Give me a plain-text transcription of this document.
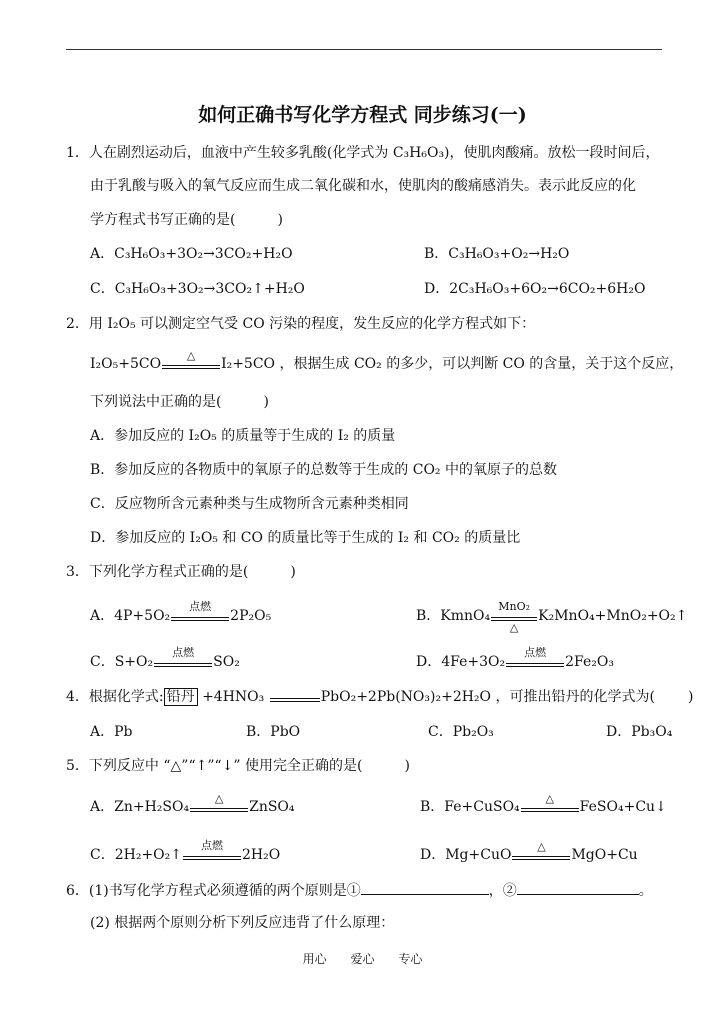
如何正确书写化学方程式 同步练习(一)
1．人在剧烈运动后，血液中产生较多乳酸(化学式为 C₃H₆O₃)，使肌肉酸痛。放松一段时间后，
由于乳酸与吸入的氧气反应而生成二氧化碳和水，使肌肉的酸痛感消失。表示此反应的化
学方程式书写正确的是(　　　)
A．C₃H₆O₃+3O₂→3CO₂+H₂O	B．C₃H₆O₃+O₂→H₂O
C．C₃H₆O₃+3O₂→3CO₂↑+H₂O	D．2C₃H₆O₃+6O₂→6CO₂+6H₂O
2．用 I₂O₅ 可以测定空气受 CO 污染的程度，发生反应的化学方程式如下：
I₂O₅+5CO
△
I₂+5CO ，根据生成 CO₂ 的多少，可以判断 CO 的含量，关于这个反应，
下列说法中正确的是(　　　)
A．参加反应的 I₂O₅ 的质量等于生成的 I₂ 的质量
B．参加反应的各物质中的氧原子的总数等于生成的 CO₂ 中的氧原子的总数
C．反应物所含元素种类与生成物所含元素种类相同
D．参加反应的 I₂O₅ 和 CO 的质量比等于生成的 I₂ 和 CO₂ 的质量比
3．下列化学方程式正确的是(　　　)
A．4P+5O₂
点燃
2P₂O₅	B．KmnO₄
MnO₂
△
K₂MnO₄+MnO₂+O₂↑
C．S+O₂
点燃
SO₂	D．4Fe+3O₂
点燃
2Fe₂O₃
4．根据化学式: 铅丹 +4HNO₃	PbO₂+2Pb(NO₃)₂+2H₂O ，可推出铅丹的化学式为( )
A．Pb	B．PbO	C．Pb₂O₃	D．Pb₃O₄
5．下列反应中 “△”“↑”“↓” 使用完全正确的是(　　　)
A．Zn+H₂SO₄
△
ZnSO₄	B．Fe+CuSO₄
△
FeSO₄+Cu↓
C．2H₂+O₂↑
点燃
2H₂O	D．Mg+CuO
△
MgO+Cu
6．(1)书写化学方程式必须遵循的两个原则是①	，②	。
(2) 根据两个原则分析下列反应违背了什么原理：
用心 爱心 专心
